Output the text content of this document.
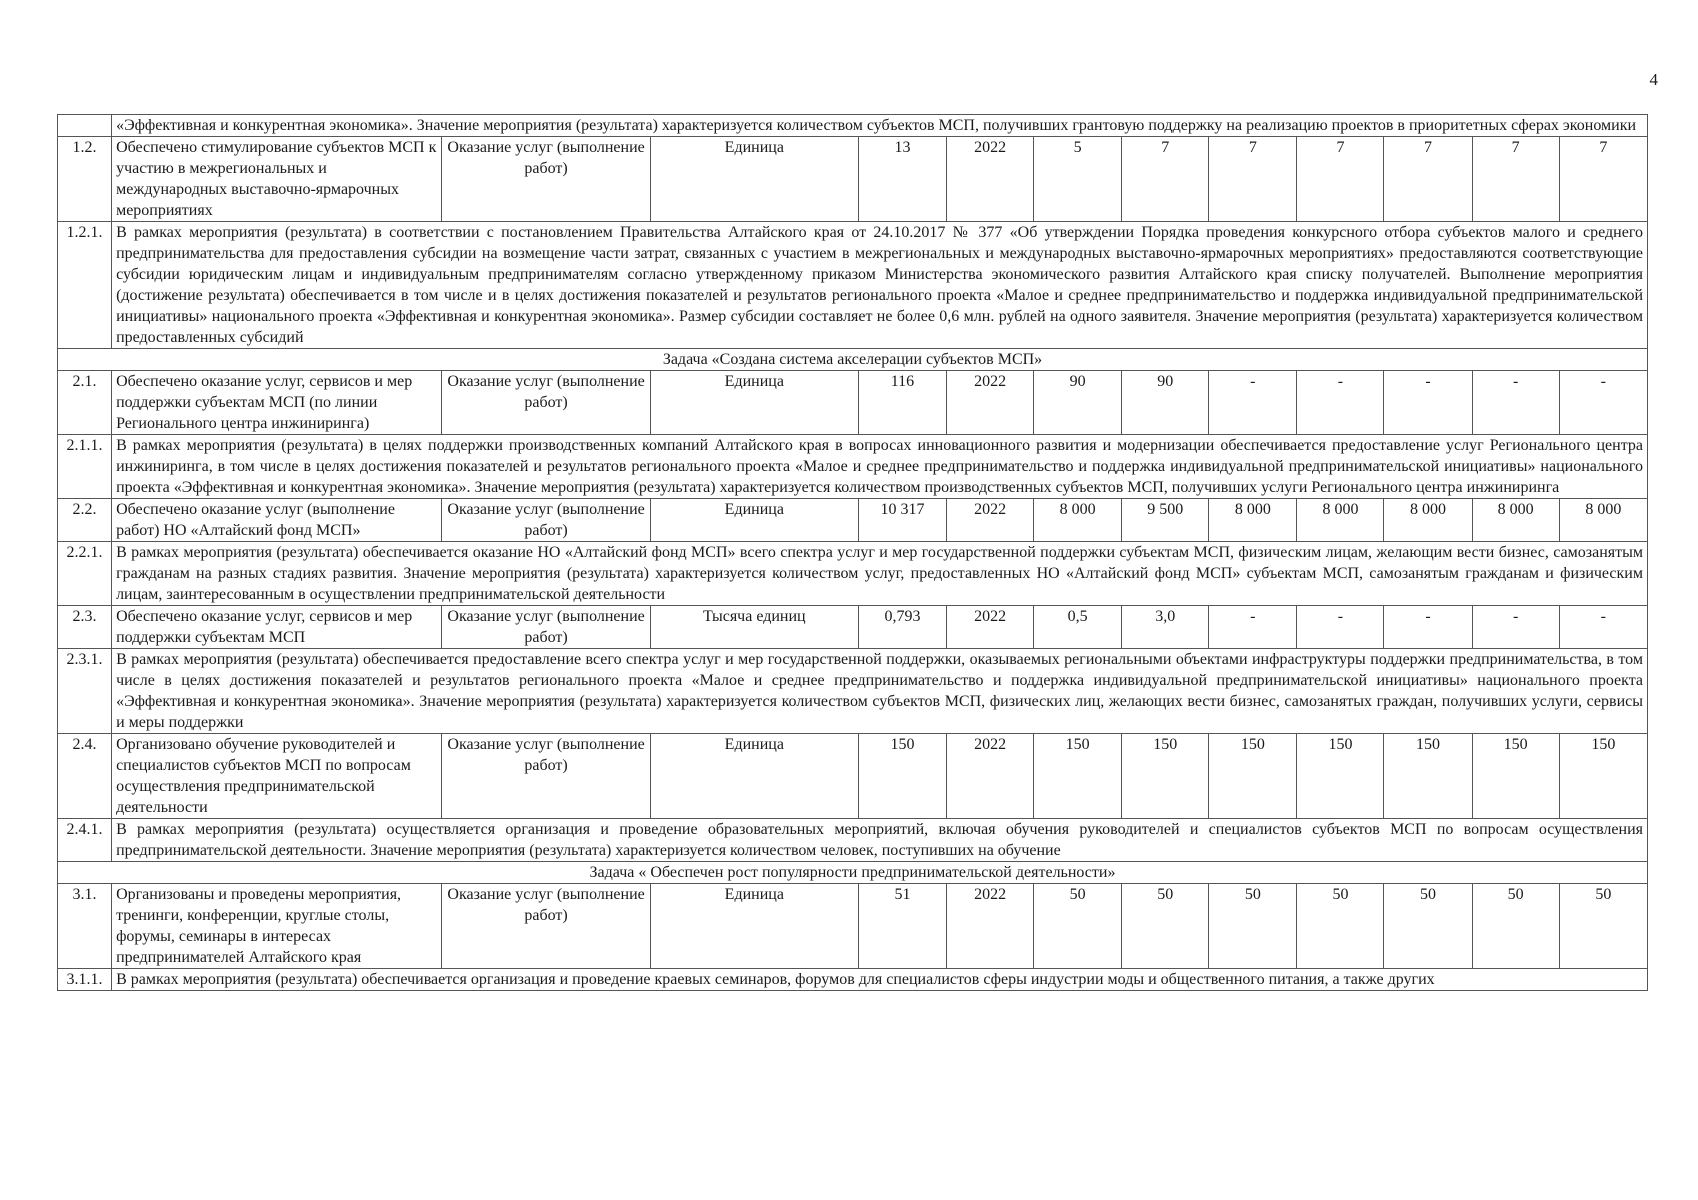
4
	«Эффективная и конкурентная экономика». Значение мероприятия (результата) характеризуется количеством субъектов МСП, получивших грантовую поддержку на реализацию проектов в приоритетных сферах экономики											
1.2.	Обеспечено стимулирование субъектов МСП к участию в межрегиональных и международных выставочно-ярмарочных мероприятиях	Оказание услуг (выполнение работ)	Единица	13	2022	5	7	7	7	7	7	7
1.2.1.	В рамках мероприятия (результата) в соответствии с постановлением Правительства Алтайского края от 24.10.2017 № 377 «Об утверждении Порядка проведения конкурсного отбора субъектов малого и среднего предпринимательства для предоставления субсидии на возмещение части затрат, связанных с участием в межрегиональных и международных выставочно-ярмарочных мероприятиях» предоставляются соответствующие субсидии юридическим лицам и индивидуальным предпринимателям согласно утвержденному приказом Министерства экономического развития Алтайского края списку получателей. Выполнение мероприятия (достижение результата) обеспечивается в том числе и в целях достижения показателей и результатов регионального проекта «Малое и среднее предпринимательство и поддержка индивидуальной предпринимательской инициативы» национального проекта «Эффективная и конкурентная экономика». Размер субсидии составляет не более 0,6 млн. рублей на одного заявителя. Значение мероприятия (результата) характеризуется количеством предоставленных субсидий											
Задача «Создана система акселерации субъектов МСП»												
2.1.	Обеспечено оказание услуг, сервисов и мер поддержки субъектам МСП (по линии Регионального центра инжиниринга)	Оказание услуг (выполнение работ)	Единица	116	2022	90	90	-	-	-	-	-
2.1.1.	В рамках мероприятия (результата) в целях поддержки производственных компаний Алтайского края в вопросах инновационного развития и модернизации обеспечивается предоставление услуг Регионального центра инжиниринга, в том числе в целях достижения показателей и результатов регионального проекта «Малое и среднее предпринимательство и поддержка индивидуальной предпринимательской инициативы» национального проекта «Эффективная и конкурентная экономика». Значение мероприятия (результата) характеризуется количеством производственных субъектов МСП, получивших услуги Регионального центра инжиниринга											
2.2.	Обеспечено оказание услуг (выполнение работ) НО «Алтайский фонд МСП»	Оказание услуг (выполнение работ)	Единица	10 317	2022	8 000	9 500	8 000	8 000	8 000	8 000	8 000
2.2.1.	В рамках мероприятия (результата) обеспечивается оказание НО «Алтайский фонд МСП» всего спектра услуг и мер государственной поддержки субъектам МСП, физическим лицам, желающим вести бизнес, самозанятым гражданам на разных стадиях развития. Значение мероприятия (результата) характеризуется количеством услуг, предоставленных НО «Алтайский фонд МСП» субъектам МСП, самозанятым гражданам и физическим лицам, заинтересованным в осуществлении предпринимательской деятельности											
2.3.	Обеспечено оказание услуг, сервисов и мер поддержки субъектам МСП	Оказание услуг (выполнение работ)	Тысяча единиц	0,793	2022	0,5	3,0	-	-	-	-	-
2.3.1.	В рамках мероприятия (результата) обеспечивается предоставление всего спектра услуг и мер государственной поддержки, оказываемых региональными объектами инфраструктуры поддержки предпринимательства, в том числе в целях достижения показателей и результатов регионального проекта «Малое и среднее предпринимательство и поддержка индивидуальной предпринимательской инициативы» национального проекта «Эффективная и конкурентная экономика». Значение мероприятия (результата) характеризуется количеством субъектов МСП, физических лиц, желающих вести бизнес, самозанятых граждан, получивших услуги, сервисы и меры поддержки											
2.4.	Организовано обучение руководителей и специалистов субъектов МСП по вопросам осуществления предпринимательской деятельности	Оказание услуг (выполнение работ)	Единица	150	2022	150	150	150	150	150	150	150
2.4.1.	В рамках мероприятия (результата) осуществляется организация и проведение образовательных мероприятий, включая обучения руководителей и специалистов субъектов МСП по вопросам осуществления предпринимательской деятельности. Значение мероприятия (результата) характеризуется количеством человек, поступивших на обучение											
Задача « Обеспечен рост популярности предпринимательской деятельности»												
3.1.	Организованы и проведены мероприятия, тренинги, конференции, круглые столы, форумы, семинары в интересах предпринимателей Алтайского края	Оказание услуг (выполнение работ)	Единица	51	2022	50	50	50	50	50	50	50
3.1.1.	В рамках мероприятия (результата) обеспечивается организация и проведение краевых семинаров, форумов для специалистов сферы индустрии моды и общественного питания, а также других											
